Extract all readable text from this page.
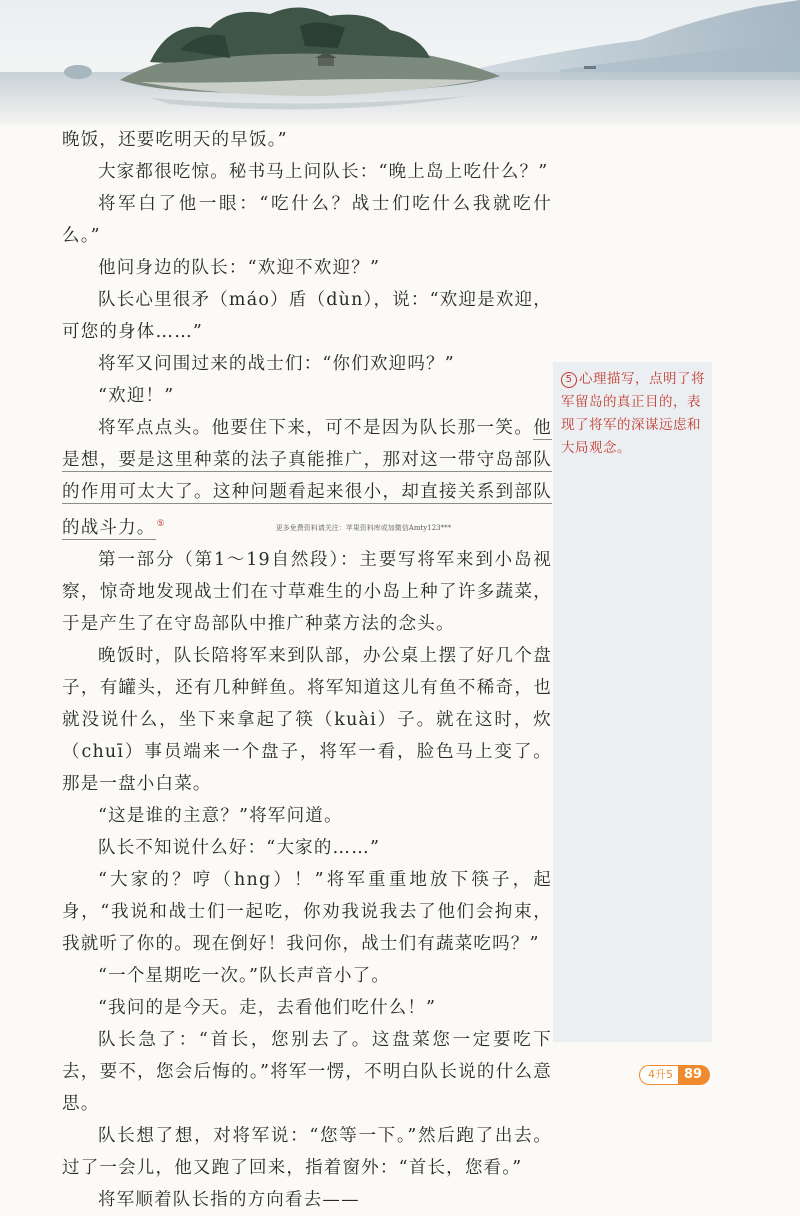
晚饭，还要吃明天的早饭。”

大家都很吃惊。秘书马上问队长：“晚上岛上吃什么？”

将军白了他一眼：“吃什么？战士们吃什么我就吃什么。”

他问身边的队长：“欢迎不欢迎？”

队长心里很矛（máo）盾（dùn），说：“欢迎是欢迎，可您的身体……”

将军又问围过来的战士们：“你们欢迎吗？”

“欢迎！”

将军点点头。他要住下来，可不是因为队长那一笑。他是想，要是这里种菜的法子真能推广，那对这一带守岛部队的作用可太大了。这种问题看起来很小，却直接关系到部队的战斗力。⑤	更多免费资料请关注：苹果资料库或加微信Amty123***

第一部分（第1～19自然段）：主要写将军来到小岛视察，惊奇地发现战士们在寸草难生的小岛上种了许多蔬菜，于是产生了在守岛部队中推广种菜方法的念头。

晚饭时，队长陪将军来到队部，办公桌上摆了好几个盘子，有罐头，还有几种鲜鱼。将军知道这儿有鱼不稀奇，也就没说什么，坐下来拿起了筷（kuài）子。就在这时，炊（chuī）事员端来一个盘子，将军一看，脸色马上变了。那是一盘小白菜。

“这是谁的主意？”将军问道。

队长不知说什么好：“大家的……”

“大家的？哼（hng）！”将军重重地放下筷子，起身，“我说和战士们一起吃，你劝我说我去了他们会拘束，我就听了你的。现在倒好！我问你，战士们有蔬菜吃吗？”

“一个星期吃一次。”队长声音小了。

“我问的是今天。走，去看他们吃什么！”

队长急了：“首长，您别去了。这盘菜您一定要吃下去，要不，您会后悔的。”将军一愣，不明白队长说的什么意思。

队长想了想，对将军说：“您等一下。”然后跑了出去。过了一会儿，他又跑了回来，指着窗外：“首长，您看。”

将军顺着队长指的方向看去——

5 心理描写，点明了将军留岛的真正目的，表现了将军的深谋远虑和大局观念。
4升5 89
